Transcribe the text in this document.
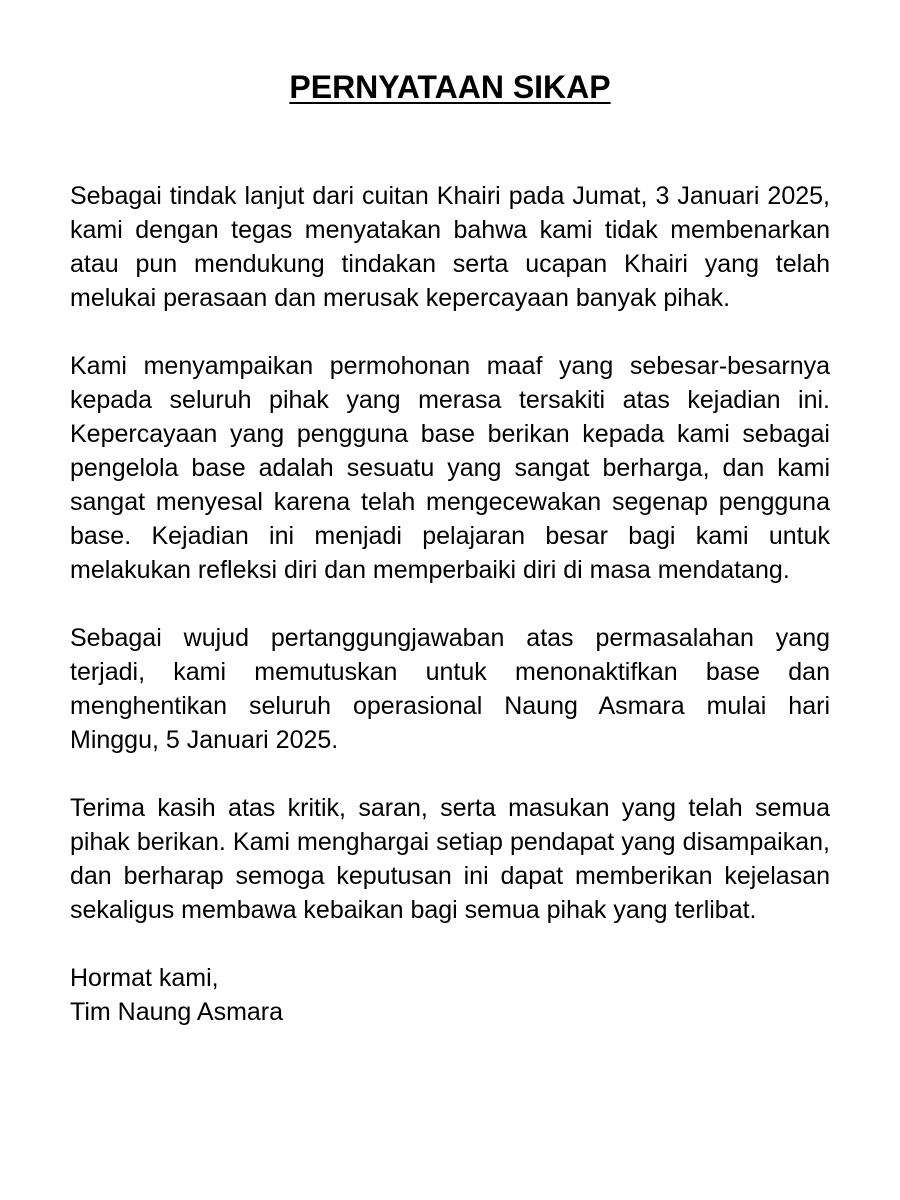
PERNYATAAN SIKAP

Sebagai tindak lanjut dari cuitan Khairi pada Jumat, 3 Januari 2025, kami dengan tegas menyatakan bahwa kami tidak membenarkan atau pun mendukung tindakan serta ucapan Khairi yang telah melukai perasaan dan merusak kepercayaan banyak pihak.

Kami menyampaikan permohonan maaf yang sebesar-besarnya kepada seluruh pihak yang merasa tersakiti atas kejadian ini. Kepercayaan yang pengguna base berikan kepada kami sebagai pengelola base adalah sesuatu yang sangat berharga, dan kami sangat menyesal karena telah mengecewakan segenap pengguna base. Kejadian ini menjadi pelajaran besar bagi kami untuk melakukan refleksi diri dan memperbaiki diri di masa mendatang.

Sebagai wujud pertanggungjawaban atas permasalahan yang terjadi, kami memutuskan untuk menonaktifkan base dan menghentikan seluruh operasional Naung Asmara mulai hari Minggu, 5 Januari 2025.

Terima kasih atas kritik, saran, serta masukan yang telah semua pihak berikan. Kami menghargai setiap pendapat yang disampaikan, dan berharap semoga keputusan ini dapat memberikan kejelasan sekaligus membawa kebaikan bagi semua pihak yang terlibat.

Hormat kami,
Tim Naung Asmara
